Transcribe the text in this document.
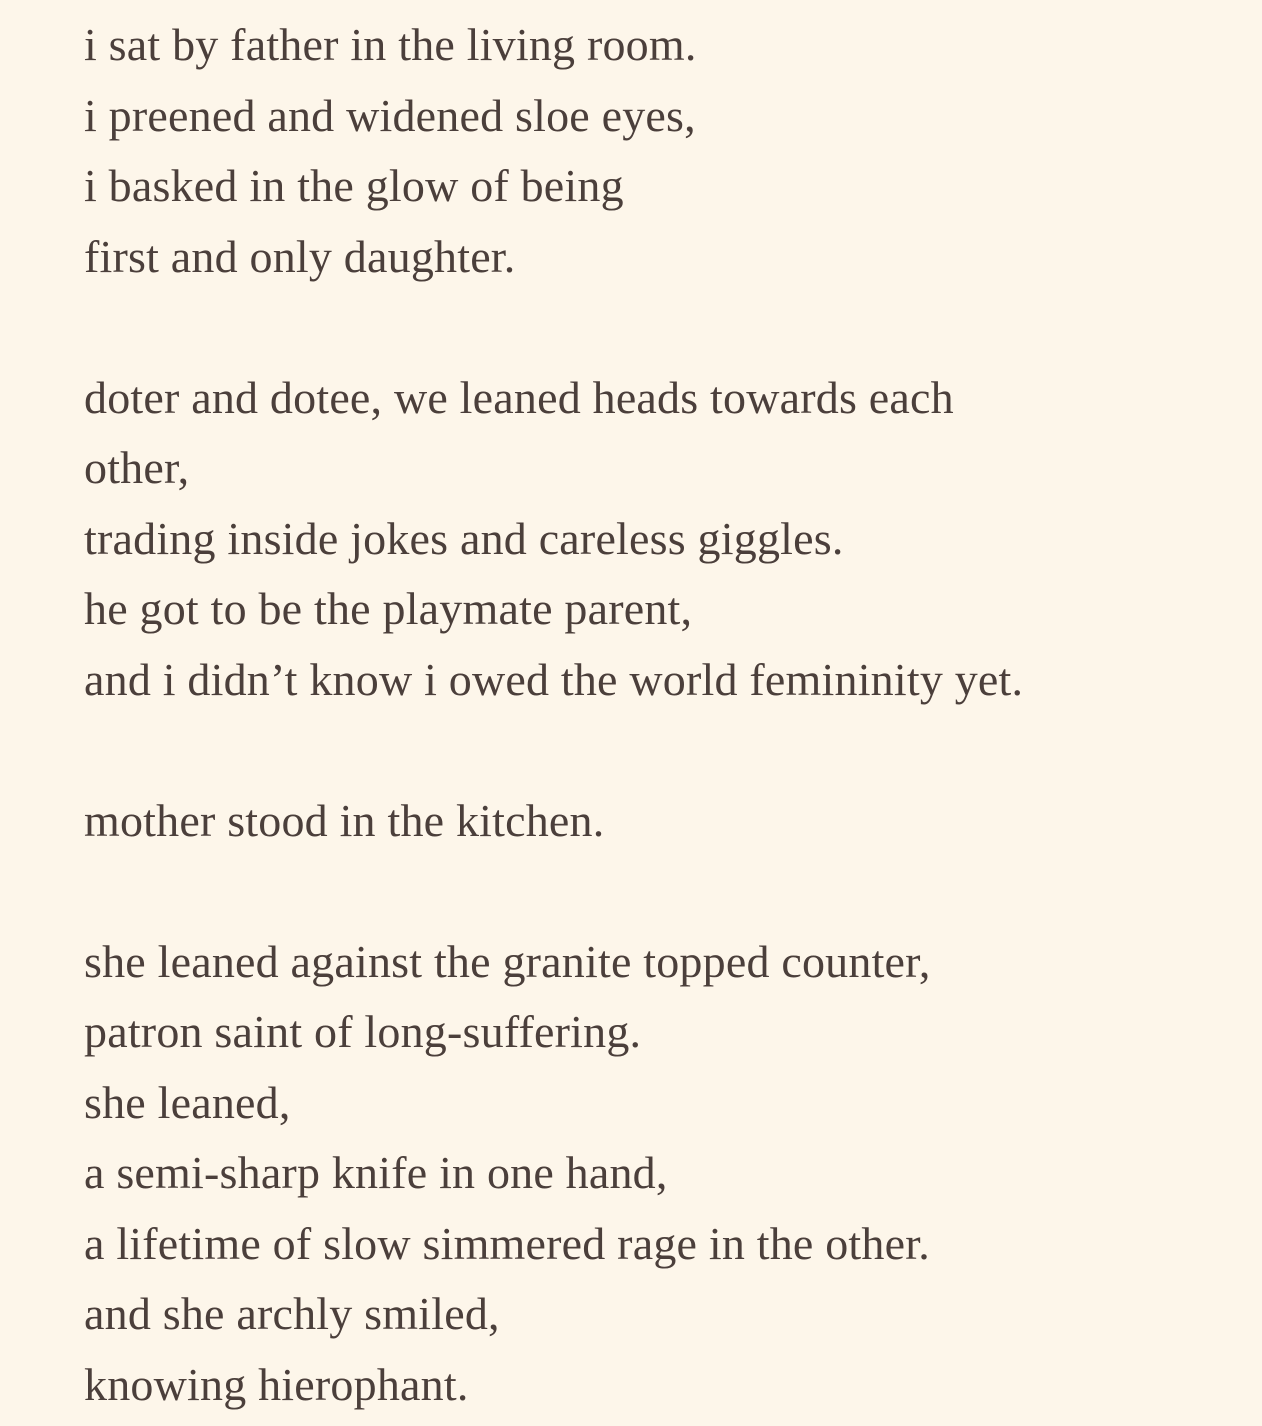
i sat by father in the living room.
i preened and widened sloe eyes,
i basked in the glow of being
first and only daughter.
doter and dotee, we leaned heads towards each
other,
trading inside jokes and careless giggles.
he got to be the playmate parent,
and i didn’t know i owed the world femininity yet.
mother stood in the kitchen.
she leaned against the granite topped counter,
patron saint of long-suffering.
she leaned,
a semi-sharp knife in one hand,
a lifetime of slow simmered rage in the other.
and she archly smiled,
knowing hierophant.
